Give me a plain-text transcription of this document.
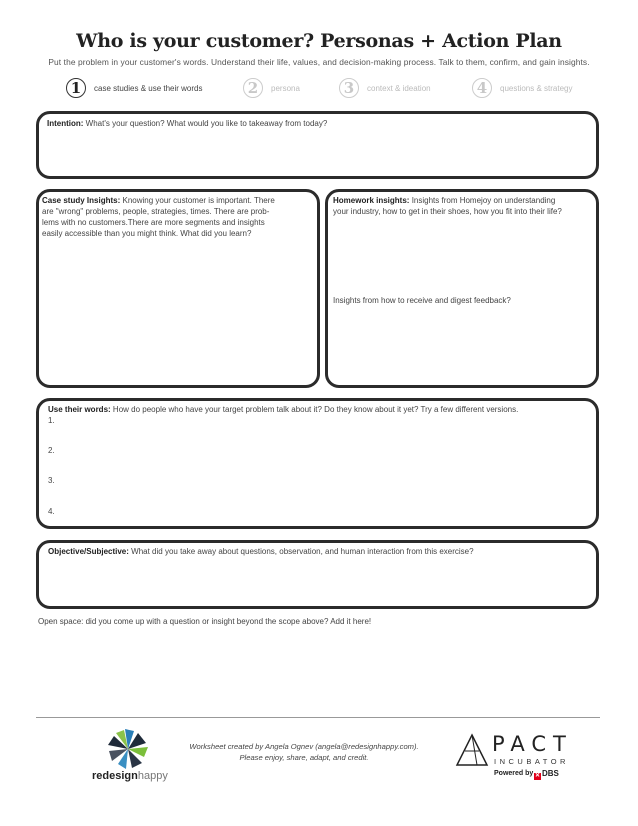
Who is your customer? Personas + Action Plan
Put the problem in your customer's words. Understand their life, values, and decision-making process. Talk to them, confirm, and gain insights.
1	case studies & use their words	2	persona	3	context & ideation	4	questions & strategy
Intention: What's your question? What would you like to takeaway from today?
Case study Insights: Knowing your customer is important. There
are "wrong" problems, people, strategies, times. There are prob-
lems with no customers.There are more segments and insights
easily accessible than you might think. What did you learn?
Homework insights: Insights from Homejoy on understanding
your industry, how to get in their shoes, how you fit into their life?
Insights from how to receive and digest feedback?
Use their words: How do people who have your target problem talk about it? Do they know about it yet? Try a few different versions.
1.
2.
3.
4.
Objective/Subjective: What did you take away about questions, observation, and human interaction from this exercise?
Open space: did you come up with a question or insight beyond the scope above? Add it here!
redesignhappy
Worksheet created by Angela Ognev (angela@redesignhappy.com).
Please enjoy, share, adapt, and credit.
PACT
INCUBATOR
Powered by ✕ DBS
